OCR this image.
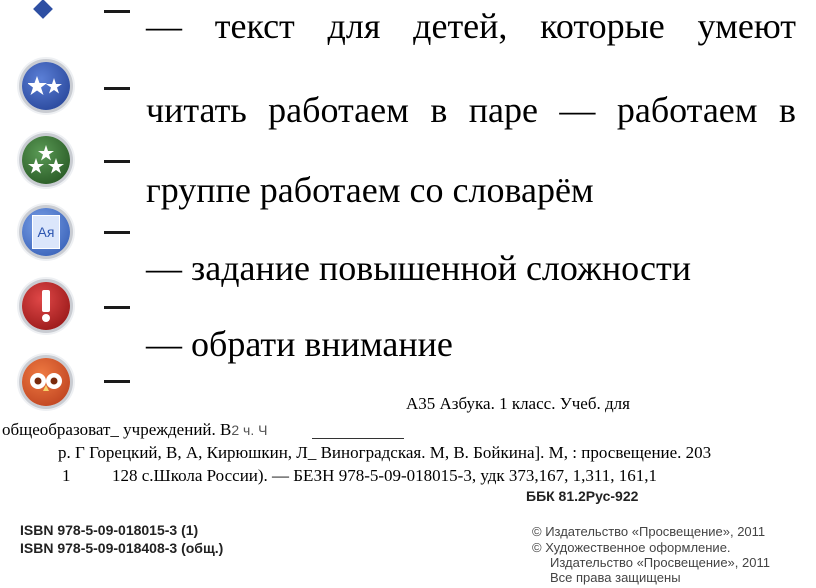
Aя
— текст для детей, которые умеют
читать работаем в паре — работаем в
группе работаем со словарём
— задание повышенной сложности
— обрати внимание
А35 Азбука. 1 класс. Учеб. для
общеобразоват_ учреждений. В2 ч. Ч
р. Г Горецкий, В, А, Кирюшкин, Л_ Виноградская. М, В. Бойкина]. М, : просвещение. 203
1 128 с.Школа России). — БЕЗН 978-5-09-018015-3, удк 373,167, 1,311, 161,1
ББК 81.2Рус-922
ISBN 978-5-09-018015-3 (1)
ISBN 978-5-09-018408-3 (общ.)
© Издательство «Просвещение», 2011
© Художественное оформление.
Издательство «Просвещение», 2011
Все права защищены
